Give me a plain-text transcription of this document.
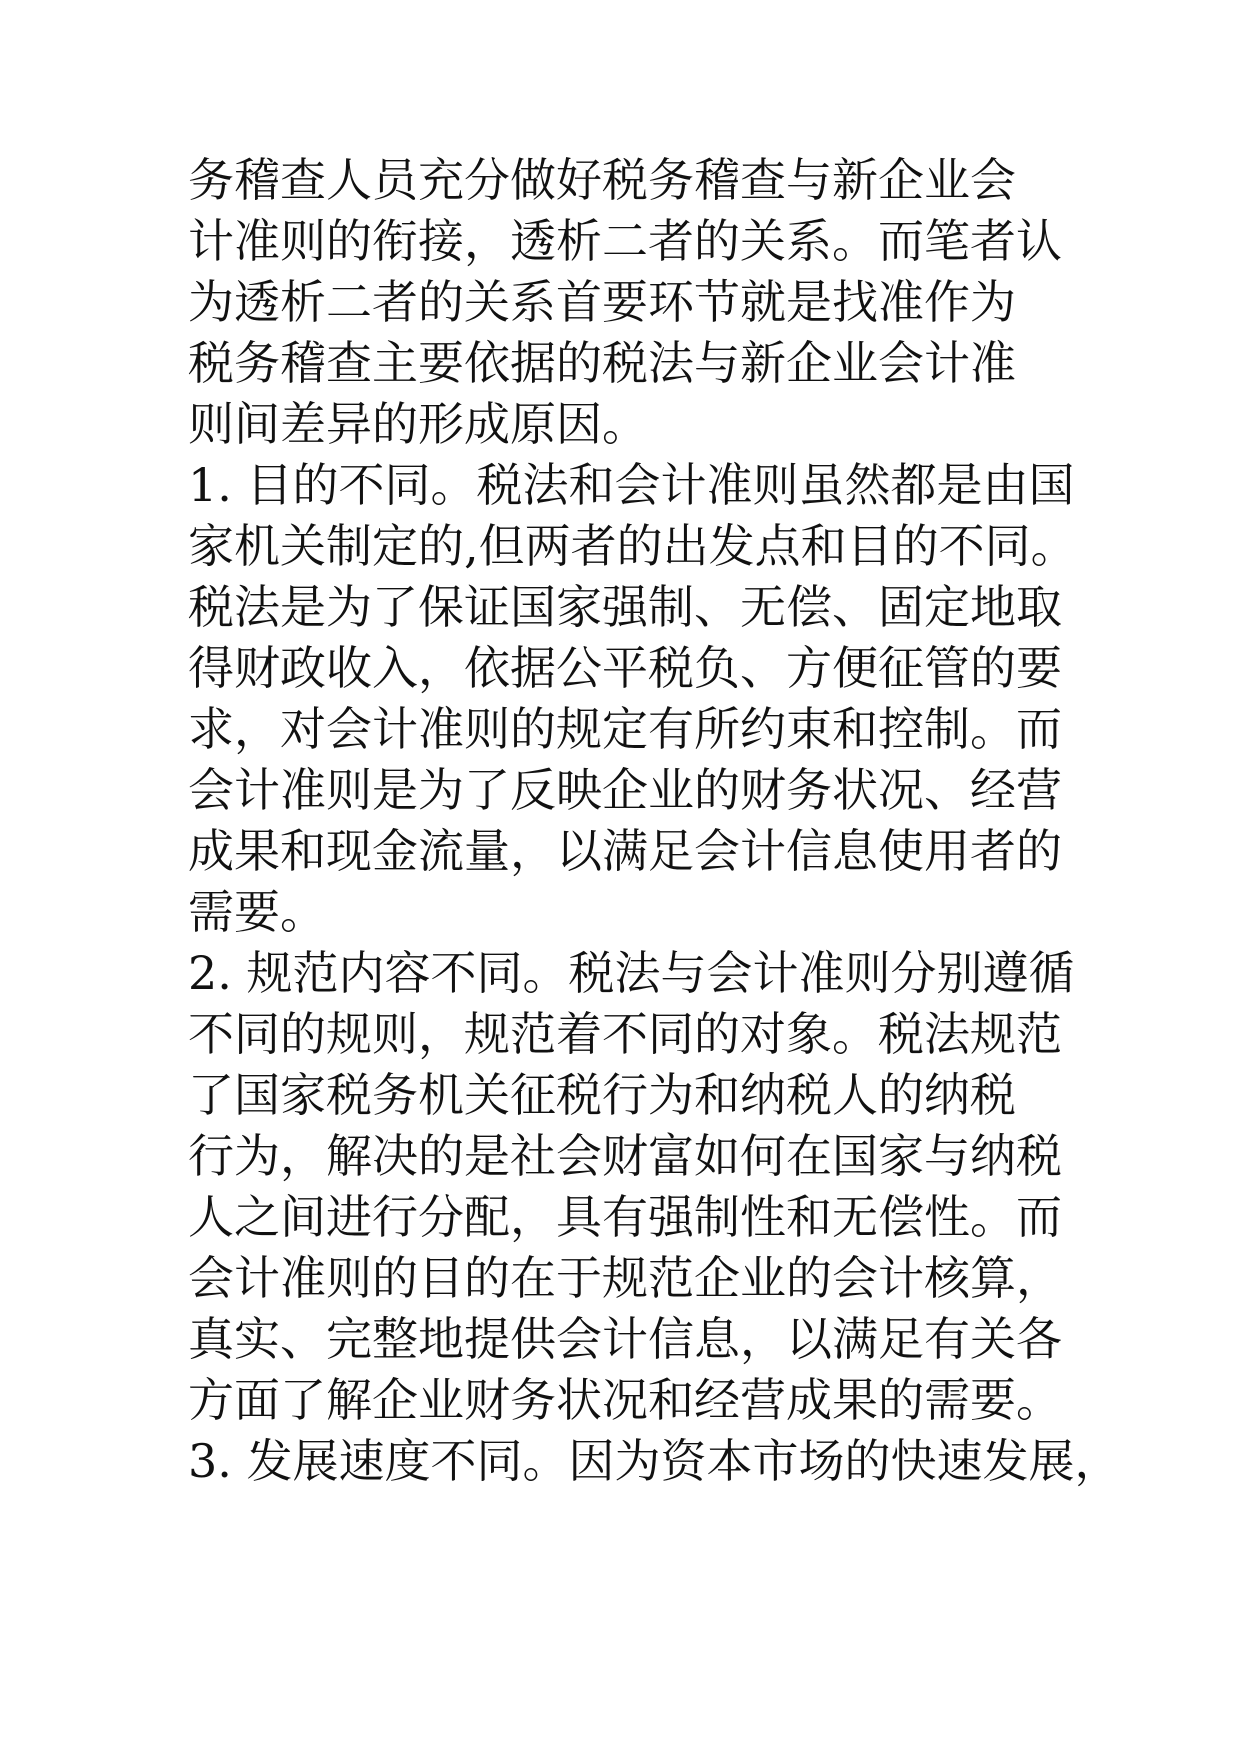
务稽查人员充分做好税务稽查与新企业会
计准则的衔接，透析二者的关系。而笔者认
为透析二者的关系首要环节就是找准作为
税务稽查主要依据的税法与新企业会计准
则间差异的形成原因。
1. 目的不同。税法和会计准则虽然都是由国
家机关制定的,但两者的出发点和目的不同。
税法是为了保证国家强制、无偿、固定地取
得财政收入，依据公平税负、方便征管的要
求，对会计准则的规定有所约束和控制。而
会计准则是为了反映企业的财务状况、经营
成果和现金流量，以满足会计信息使用者的
需要。
2. 规范内容不同。税法与会计准则分别遵循
不同的规则，规范着不同的对象。税法规范
了国家税务机关征税行为和纳税人的纳税
行为，解决的是社会财富如何在国家与纳税
人之间进行分配，具有强制性和无偿性。而
会计准则的目的在于规范企业的会计核算，
真实、完整地提供会计信息，以满足有关各
方面了解企业财务状况和经营成果的需要。
3. 发展速度不同。因为资本市场的快速发展，
